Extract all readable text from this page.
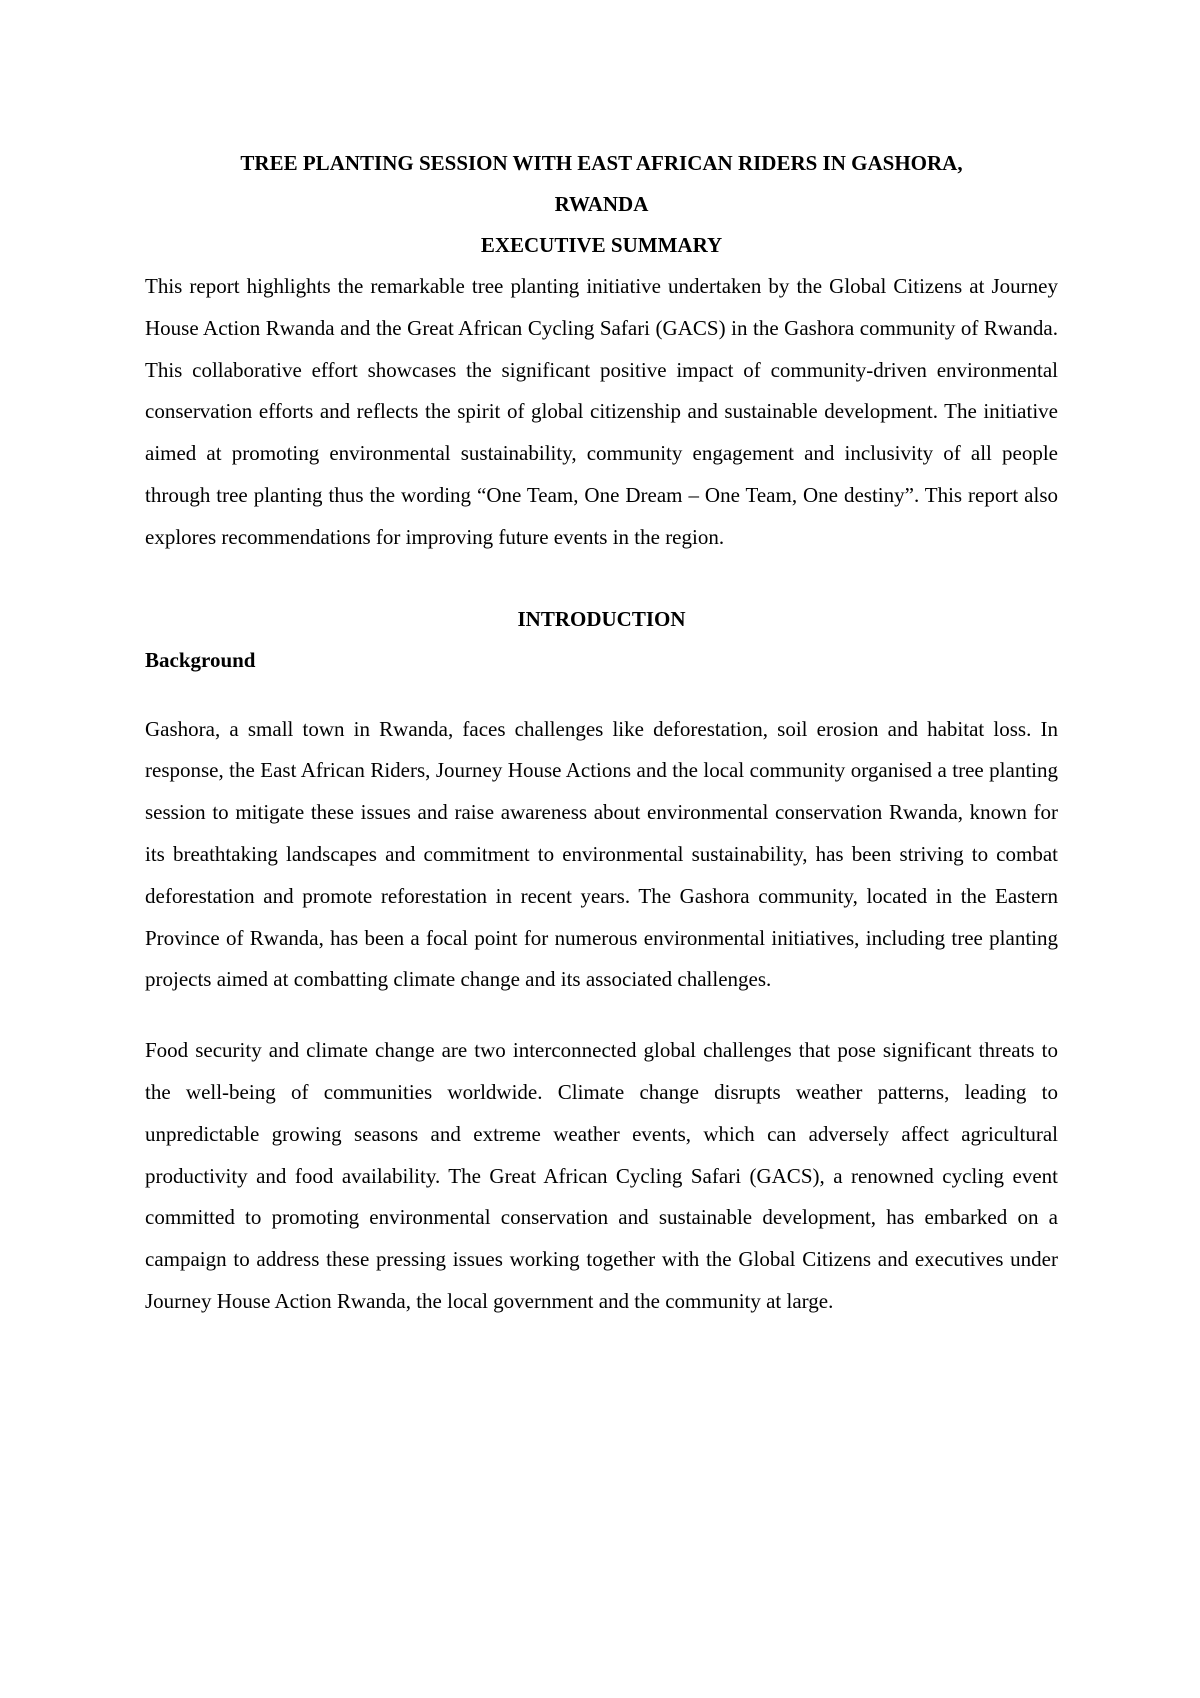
TREE PLANTING SESSION WITH EAST AFRICAN RIDERS IN GASHORA,

RWANDA

EXECUTIVE SUMMARY

This report highlights the remarkable tree planting initiative undertaken by the Global Citizens at Journey House Action Rwanda and the Great African Cycling Safari (GACS) in the Gashora community of Rwanda. This collaborative effort showcases the significant positive impact of community-driven environmental conservation efforts and reflects the spirit of global citizenship and sustainable development. The initiative aimed at promoting environmental sustainability, community engagement and inclusivity of all people through tree planting thus the wording “One Team, One Dream – One Team, One destiny”. This report also explores recommendations for improving future events in the region.

INTRODUCTION

Background

Gashora, a small town in Rwanda, faces challenges like deforestation, soil erosion and habitat loss. In response, the East African Riders, Journey House Actions and the local community organised a tree planting session to mitigate these issues and raise awareness about environmental conservation Rwanda, known for its breathtaking landscapes and commitment to environmental sustainability, has been striving to combat deforestation and promote reforestation in recent years. The Gashora community, located in the Eastern Province of Rwanda, has been a focal point for numerous environmental initiatives, including tree planting projects aimed at combatting climate change and its associated challenges.

Food security and climate change are two interconnected global challenges that pose significant threats to the well-being of communities worldwide. Climate change disrupts weather patterns, leading to unpredictable growing seasons and extreme weather events, which can adversely affect agricultural productivity and food availability. The Great African Cycling Safari (GACS), a renowned cycling event committed to promoting environmental conservation and sustainable development, has embarked on a campaign to address these pressing issues working together with the Global Citizens and executives under Journey House Action Rwanda, the local government and the community at large.
